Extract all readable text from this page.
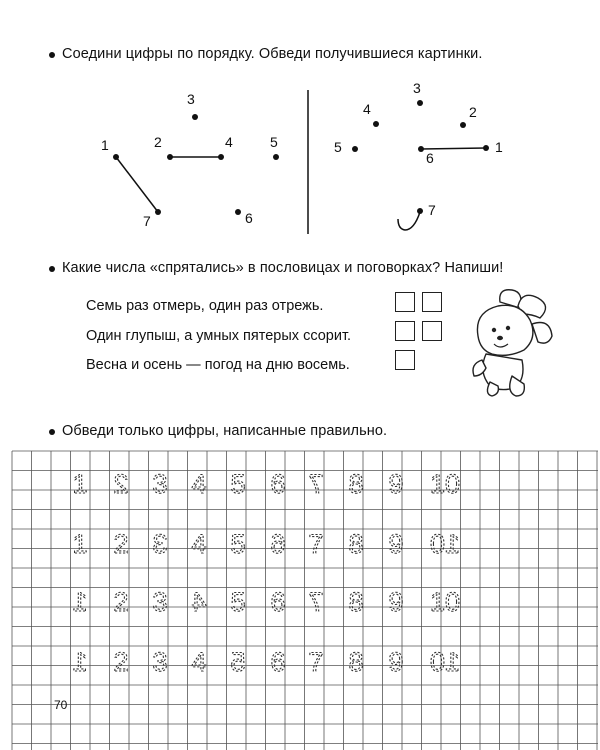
Соедини цифры по порядку. Обведи получившиеся картинки.
Какие числа «спрятались» в пословицах и поговорках? Напиши!
Обведи только цифры, написанные правильно.
1	2
3
4	5
6
7
1
2
3
4
5
6
7
Семь раз отмерь, один раз отрежь.
Один глупыш, а умных пятерых ссорит.
Весна и осень — погод на дню восемь.
1 2 3 4 5 6 7 8 9 10
1 2 3 4 5 6 7 8 9 10
1 2 3 4 5 6 7 8 9 10
1 2 3 4 5 6 7 8 9 10
70
